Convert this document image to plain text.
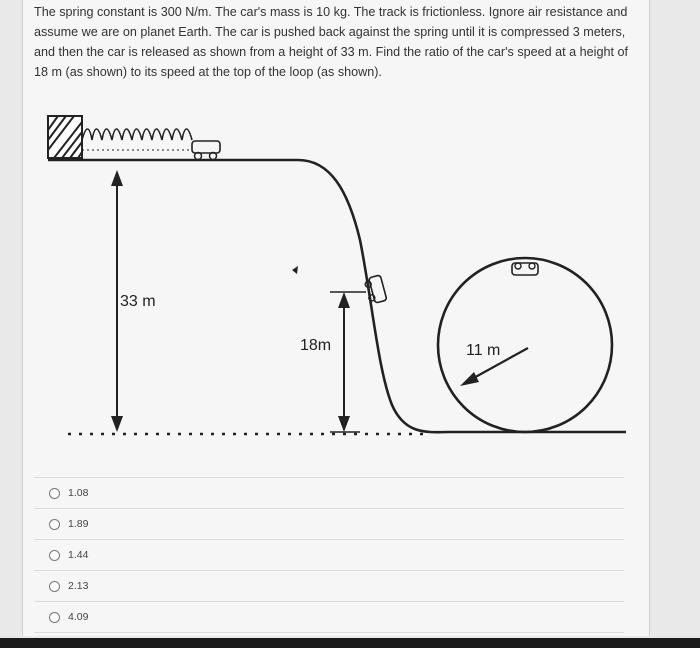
The spring constant is 300 N/m. The car's mass is 10 kg. The track is frictionless. Ignore air resistance and assume we are on planet Earth. The car is pushed back against the spring until it is compressed 3 meters, and then the car is released as shown from a height of 33 m. Find the ratio of the car's speed at a height of 18 m (as shown) to its speed at the top of the loop (as shown).

33 m
18m	11 m
1.08
1.89
1.44
2.13
4.09
